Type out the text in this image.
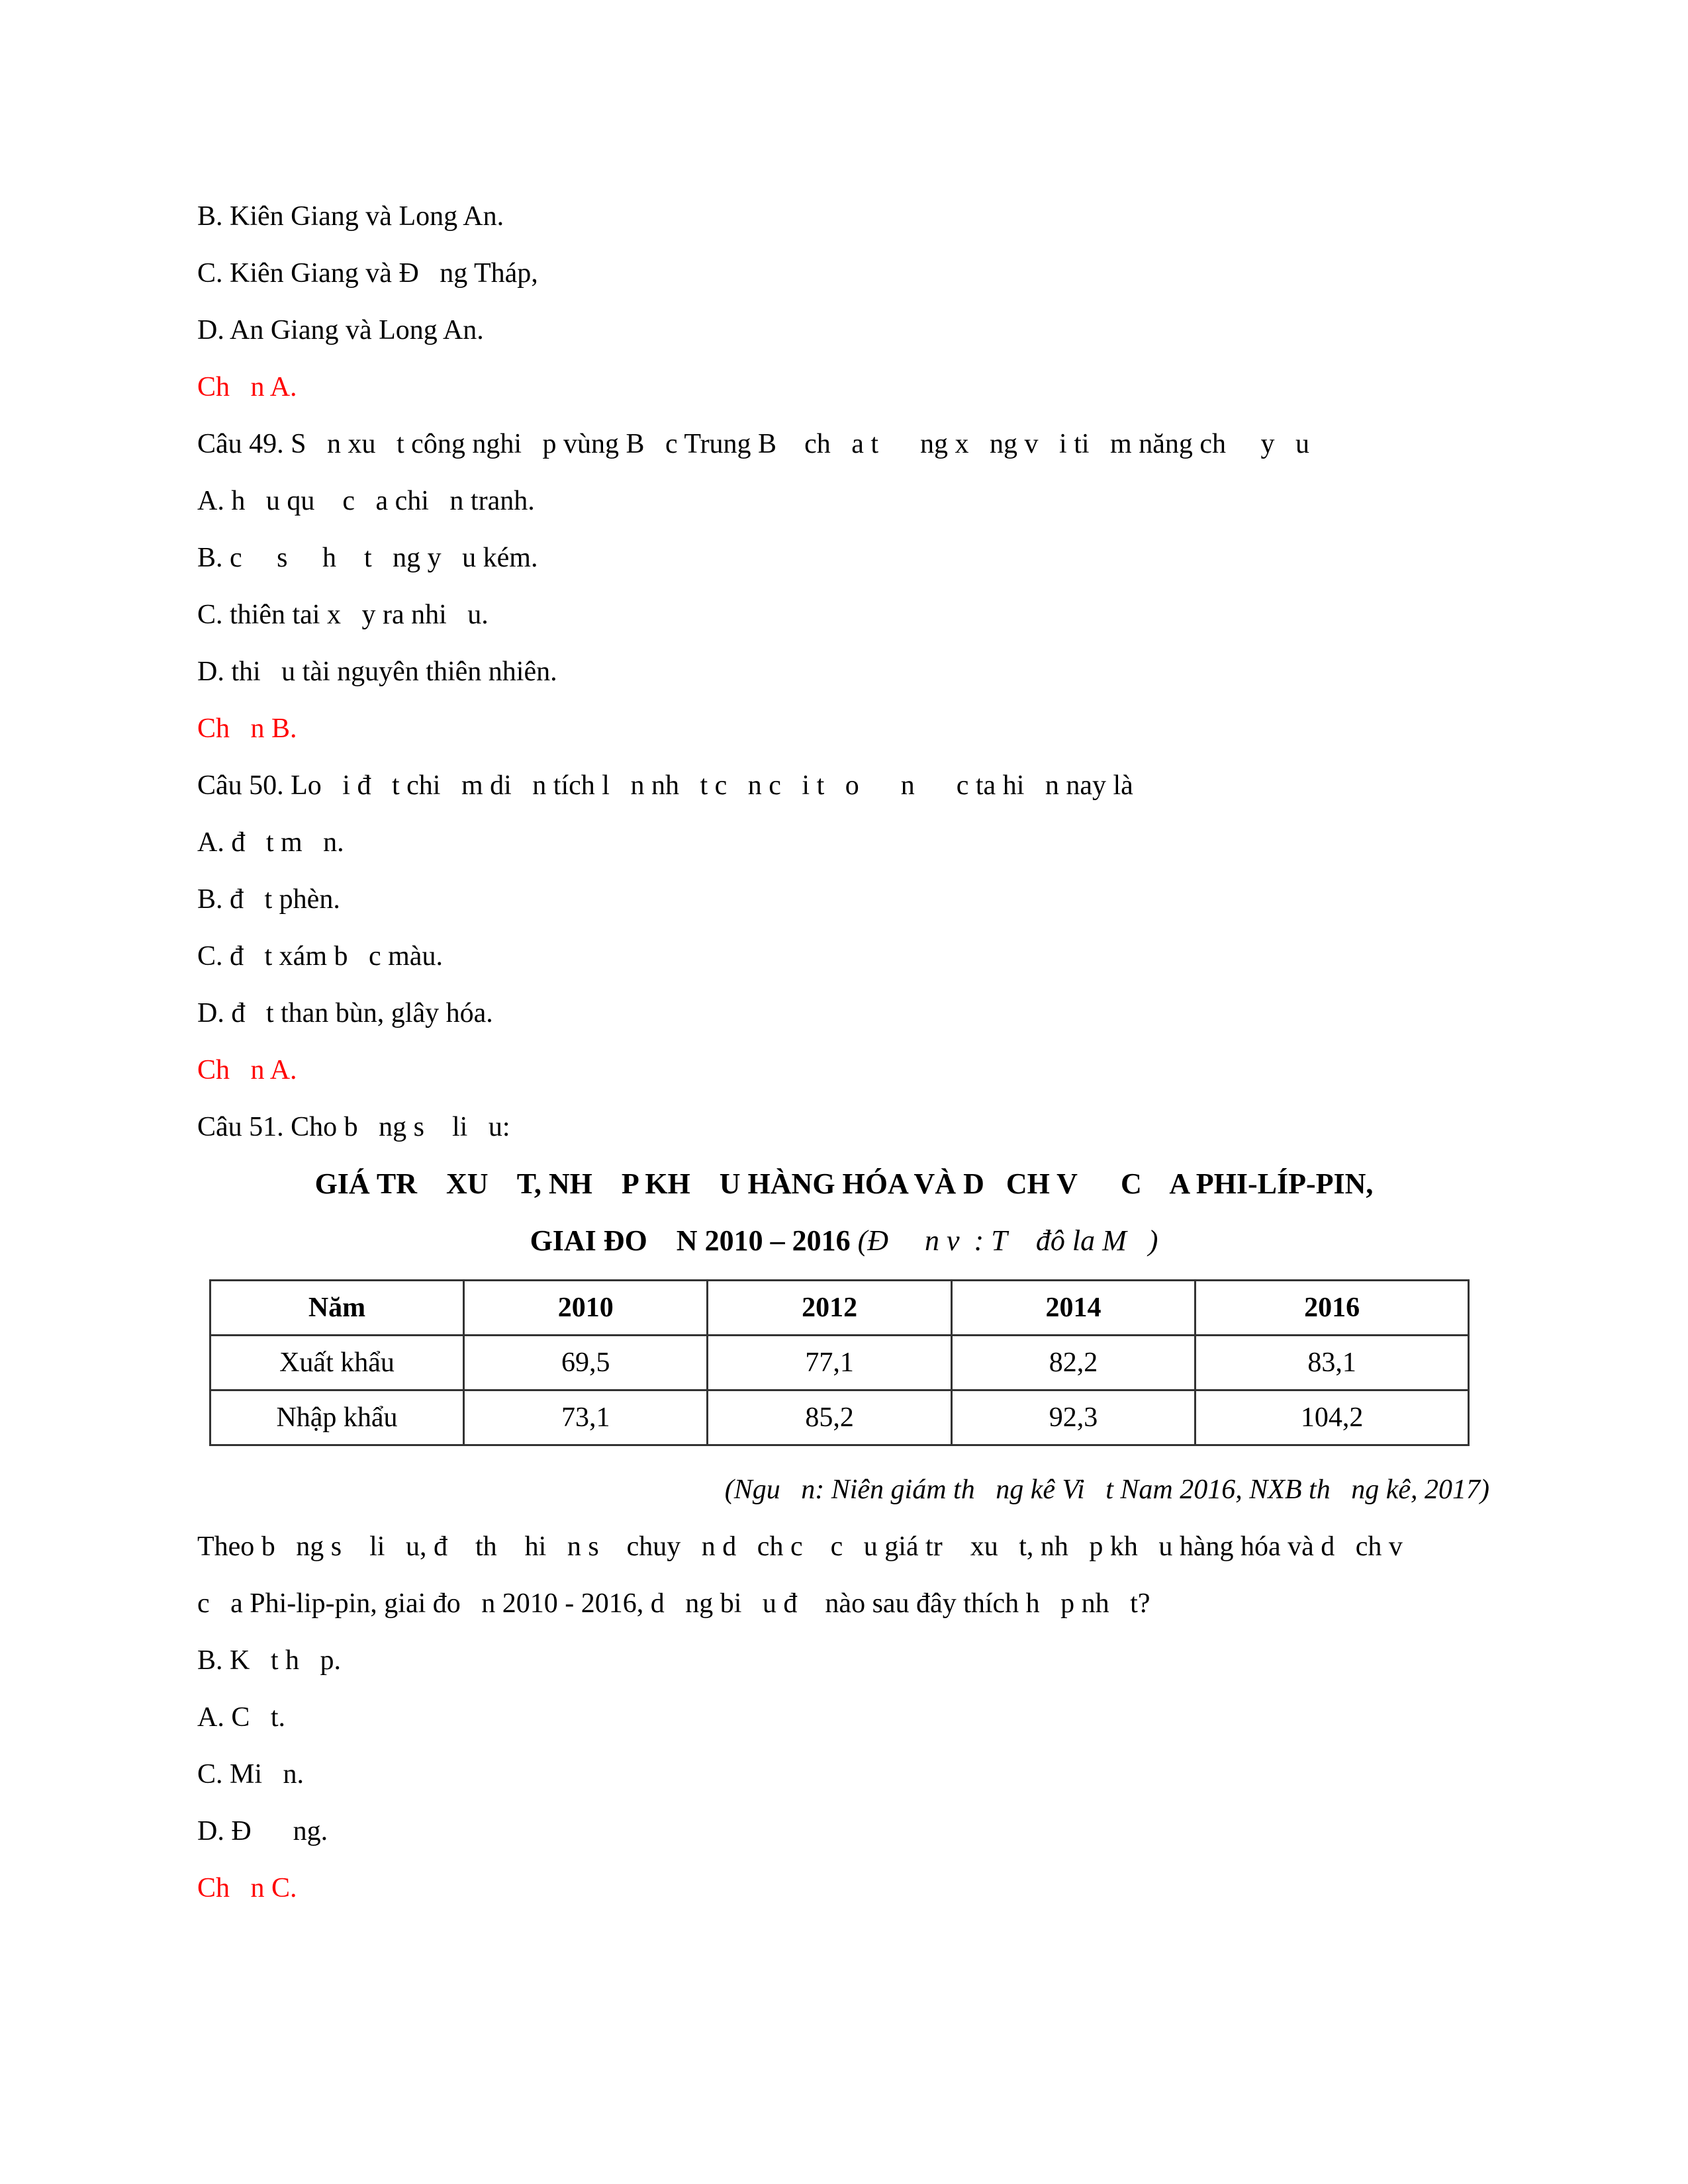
B. Kiên Giang và Long An.
C. Kiên Giang và Đ   ng Tháp,
D. An Giang và Long An.
Ch   n A.
Câu 49. S   n xu   t công nghi   p vùng B   c Trung B    ch   a t      ng x   ng v   i ti   m năng ch     y   u
A. h   u qu    c   a chi   n tranh.
B. c     s     h    t   ng y   u kém.
C. thiên tai x   y ra nhi   u.
D. thi   u tài nguyên thiên nhiên.
Ch   n B.
Câu 50. Lo   i đ   t chi   m di   n tích l   n nh   t c   n c   i t   o      n      c ta hi   n nay là
A. đ   t m   n.
B. đ   t phèn.
C. đ   t xám b   c màu.
D. đ   t than bùn, glây hóa.
Ch   n A.
Câu 51. Cho b   ng s    li   u:
GIÁ TR    XU    T, NH    P KH    U HÀNG HÓA VÀ D   CH V      C    A PHI-LÍP-PIN,
GIAI ĐO    N 2010 – 2016 (Đ     n v  : T    đô la M   )
Năm	2010	2012	2014	2016
Xuất khẩu	69,5	77,1	82,2	83,1
Nhập khẩu	73,1	85,2	92,3	104,2
(Ngu   n: Niên giám th   ng kê Vi   t Nam 2016, NXB th   ng kê, 2017)
Theo b   ng s    li   u, đ    th    hi   n s    chuy   n d   ch c    c   u giá tr    xu   t, nh   p kh   u hàng hóa và d   ch v
c   a Phi-lip-pin, giai đo   n 2010 - 2016, d   ng bi   u đ    nào sau đây thích h   p nh   t?
B. K   t h   p.
A. C   t.
C. Mi   n.
D. Đ      ng.
Ch   n C.
